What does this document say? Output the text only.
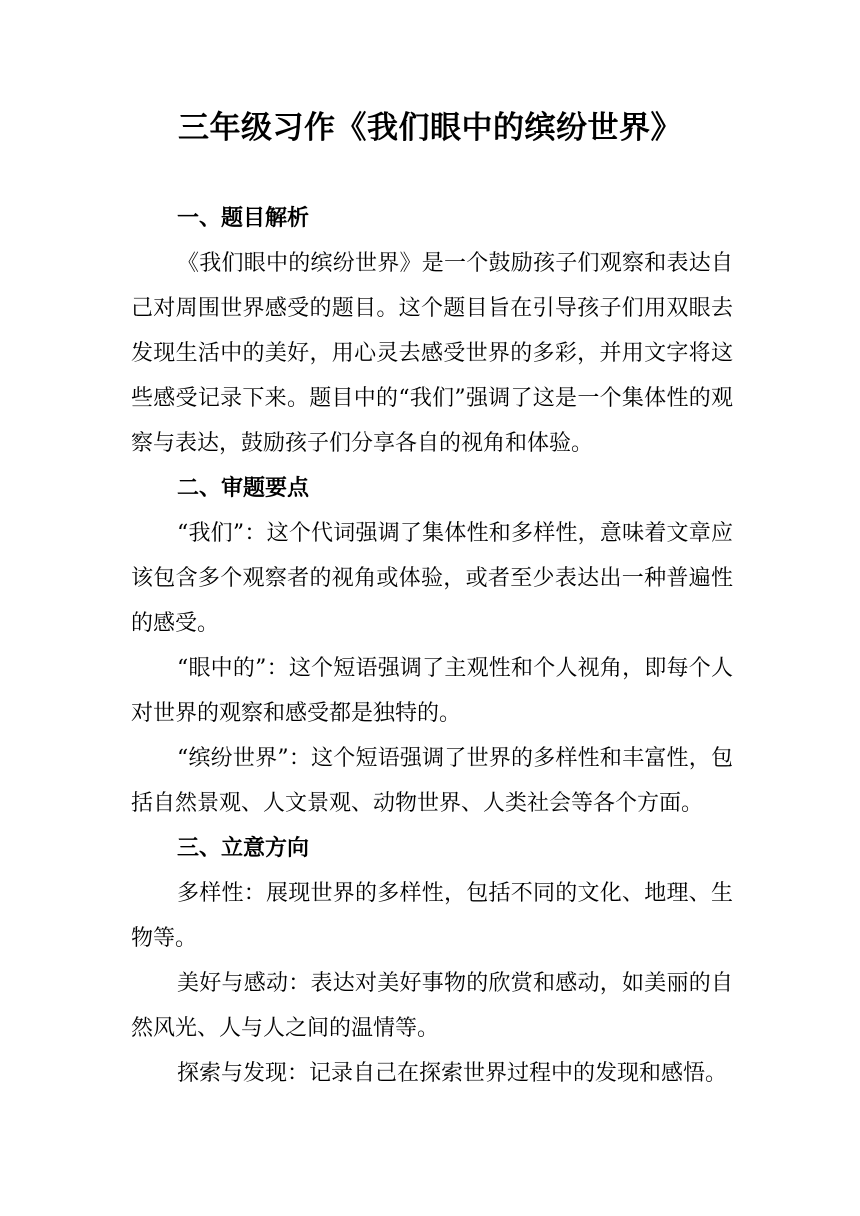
三年级习作《我们眼中的缤纷世界》

一、题目解析

《我们眼中的缤纷世界》是一个鼓励孩子们观察和表达自己对周围世界感受的题目。这个题目旨在引导孩子们用双眼去发现生活中的美好，用心灵去感受世界的多彩，并用文字将这些感受记录下来。题目中的“我们”强调了这是一个集体性的观察与表达，鼓励孩子们分享各自的视角和体验。

二、审题要点

“我们”：这个代词强调了集体性和多样性，意味着文章应该包含多个观察者的视角或体验，或者至少表达出一种普遍性的感受。

“眼中的”：这个短语强调了主观性和个人视角，即每个人对世界的观察和感受都是独特的。

“缤纷世界”：这个短语强调了世界的多样性和丰富性，包括自然景观、人文景观、动物世界、人类社会等各个方面。

三、立意方向

多样性：展现世界的多样性，包括不同的文化、地理、生物等。

美好与感动：表达对美好事物的欣赏和感动，如美丽的自然风光、人与人之间的温情等。

探索与发现：记录自己在探索世界过程中的发现和感悟。
